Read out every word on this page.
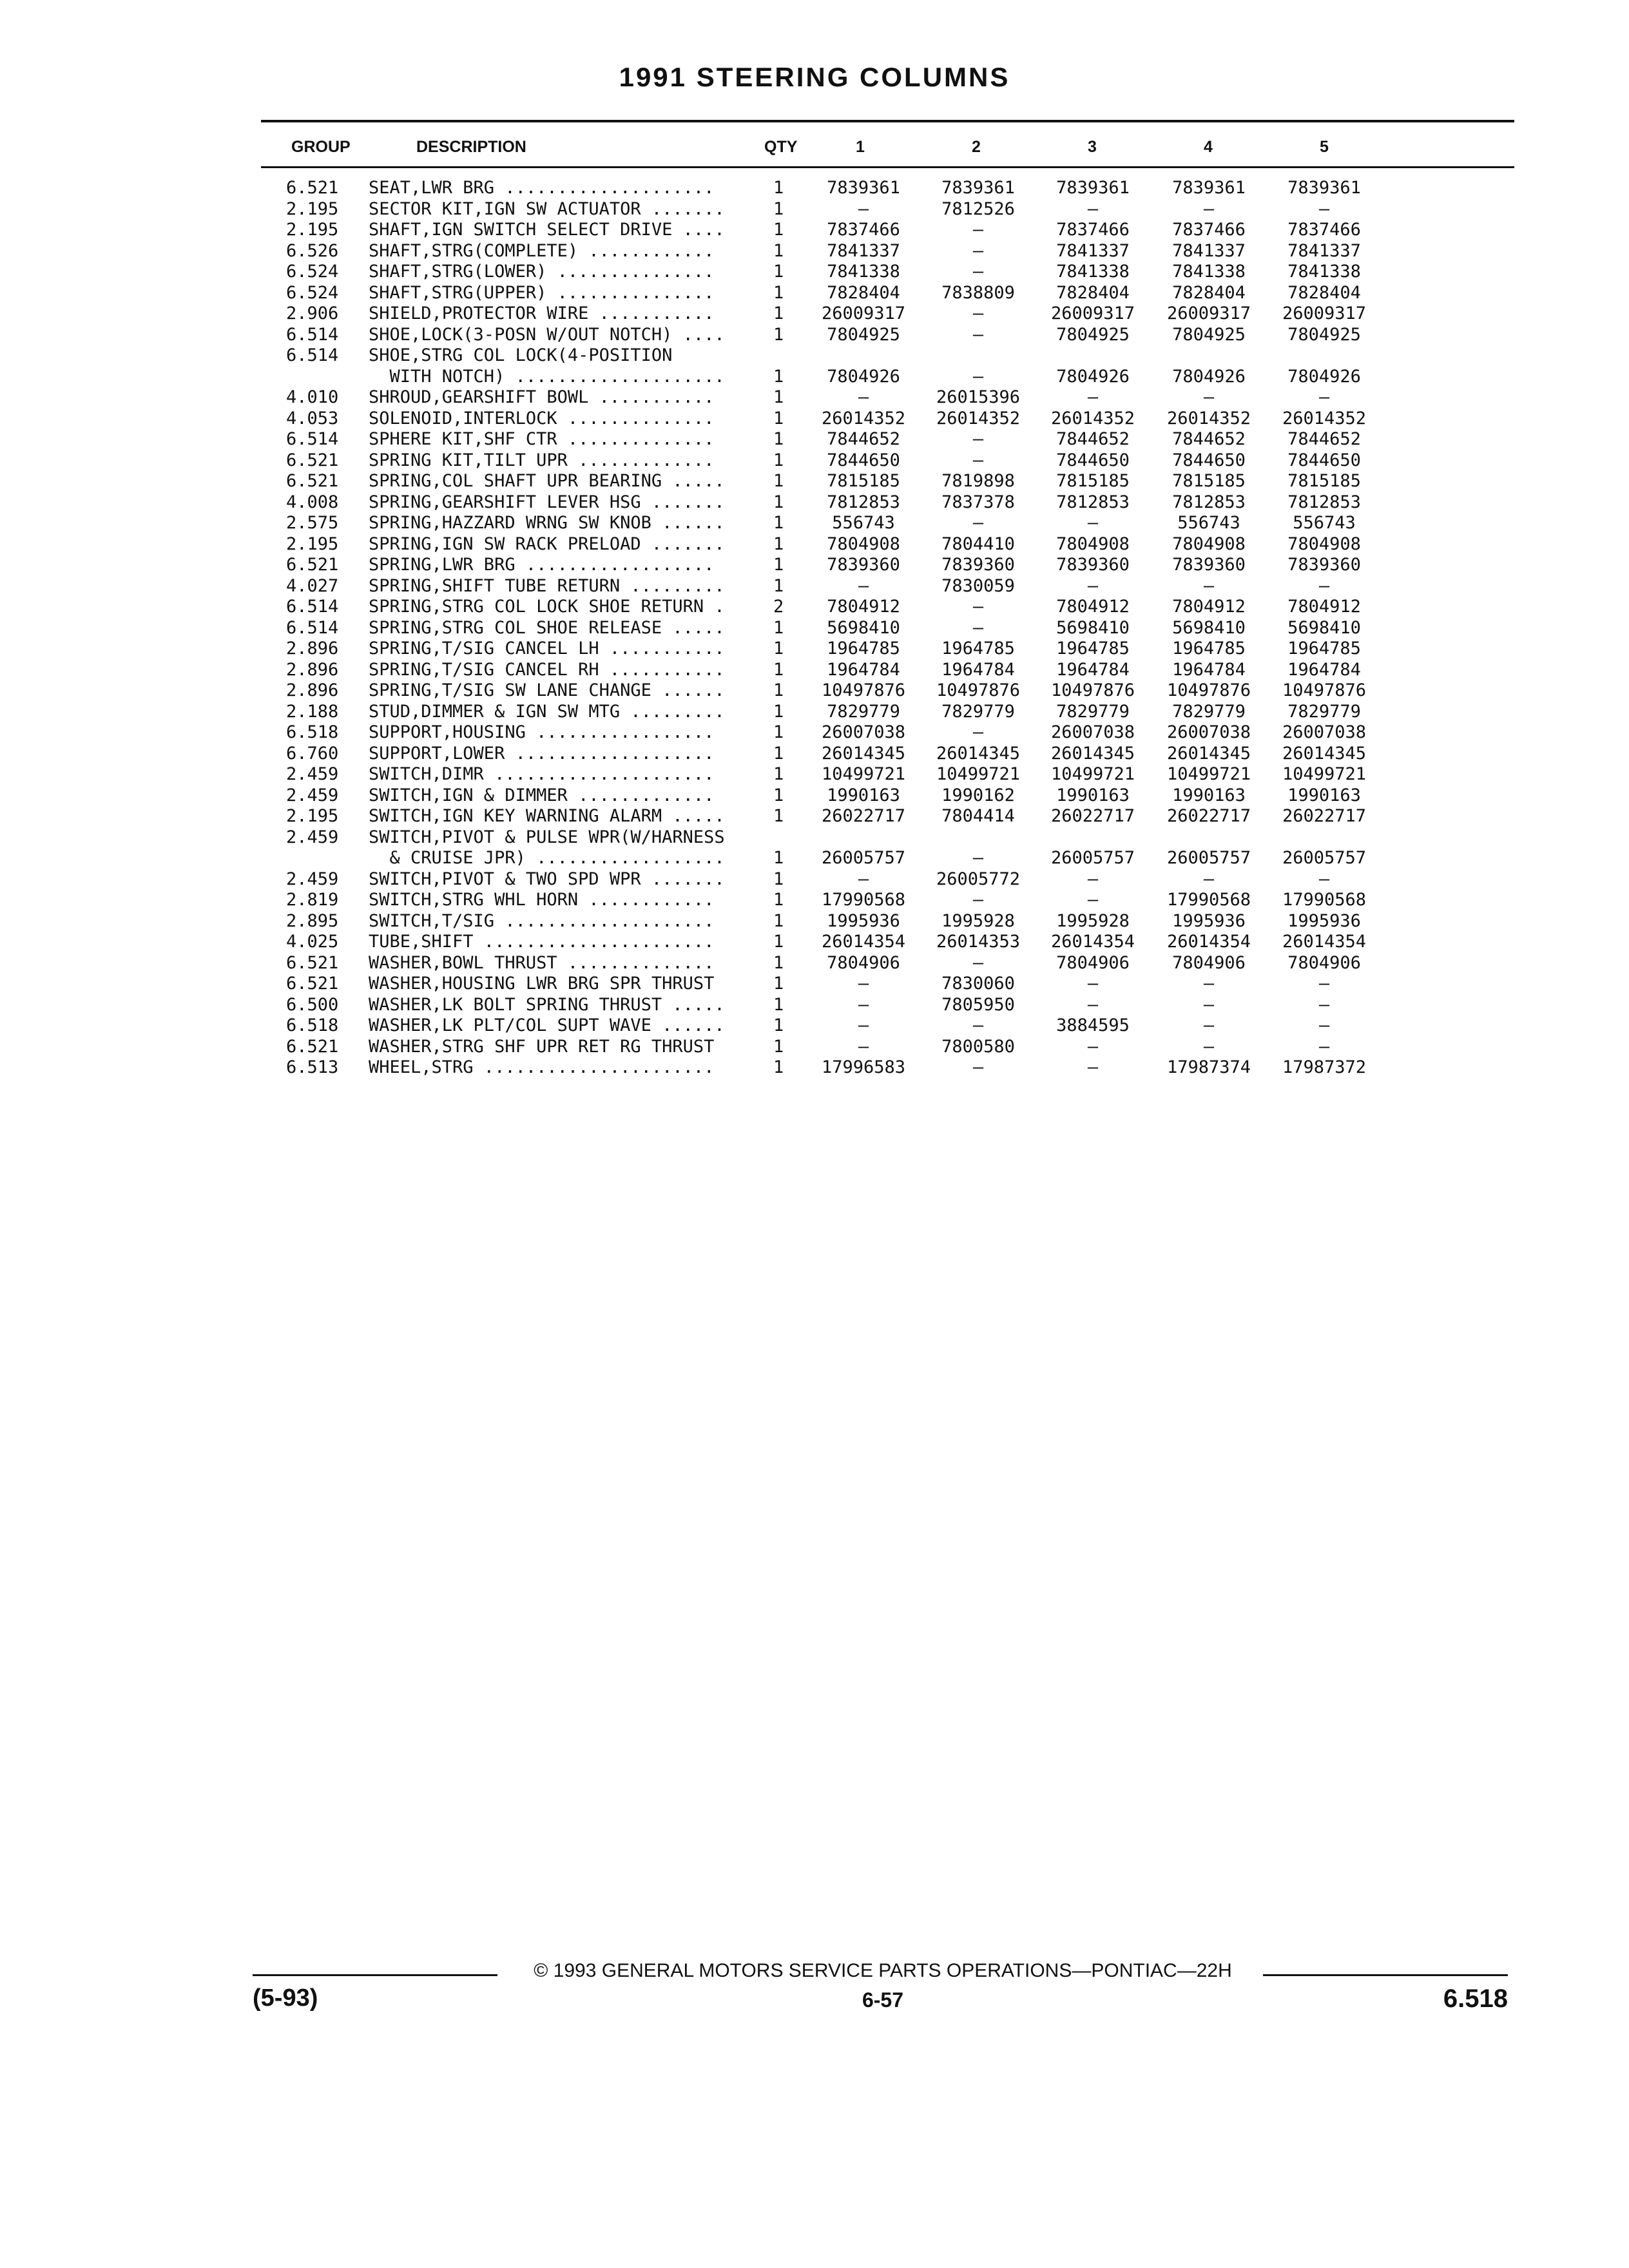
1991 STEERING COLUMNS
GROUP	DESCRIPTION	QTY	1	2	3	4	5
6.521 SEAT,LWR BRG ....................	1	7839361	7839361	7839361	7839361	7839361
2.195 SECTOR KIT,IGN SW ACTUATOR .......	1	—	7812526	—	—	—
2.195 SHAFT,IGN SWITCH SELECT DRIVE ....	1	7837466	—	7837466	7837466	7837466
6.526 SHAFT,STRG(COMPLETE) ............	1	7841337	—	7841337	7841337	7841337
6.524 SHAFT,STRG(LOWER) ...............	1	7841338	—	7841338	7841338	7841338
6.524 SHAFT,STRG(UPPER) ...............	1	7828404	7838809	7828404	7828404	7828404
2.906 SHIELD,PROTECTOR WIRE ...........	1	26009317	—	26009317	26009317	26009317
6.514 SHOE,LOCK(3-POSN W/OUT NOTCH) ....	1	7804925	—	7804925	7804925	7804925
6.514 SHOE,STRG COL LOCK(4-POSITION
WITH NOTCH) ....................	1	7804926	—	7804926	7804926	7804926
4.010 SHROUD,GEARSHIFT BOWL ...........	1	—	26015396	—	—	—
4.053 SOLENOID,INTERLOCK ..............	1	26014352	26014352	26014352	26014352	26014352
6.514 SPHERE KIT,SHF CTR ..............	1	7844652	—	7844652	7844652	7844652
6.521 SPRING KIT,TILT UPR .............	1	7844650	—	7844650	7844650	7844650
6.521 SPRING,COL SHAFT UPR BEARING .....	1	7815185	7819898	7815185	7815185	7815185
4.008 SPRING,GEARSHIFT LEVER HSG .......	1	7812853	7837378	7812853	7812853	7812853
2.575 SPRING,HAZZARD WRNG SW KNOB ......	1	556743	—	—	556743	556743
2.195 SPRING,IGN SW RACK PRELOAD .......	1	7804908	7804410	7804908	7804908	7804908
6.521 SPRING,LWR BRG ..................	1	7839360	7839360	7839360	7839360	7839360
4.027 SPRING,SHIFT TUBE RETURN .........	1	—	7830059	—	—	—
6.514 SPRING,STRG COL LOCK SHOE RETURN .	2	7804912	—	7804912	7804912	7804912
6.514 SPRING,STRG COL SHOE RELEASE .....	1	5698410	—	5698410	5698410	5698410
2.896 SPRING,T/SIG CANCEL LH ...........	1	1964785	1964785	1964785	1964785	1964785
2.896 SPRING,T/SIG CANCEL RH ...........	1	1964784	1964784	1964784	1964784	1964784
2.896 SPRING,T/SIG SW LANE CHANGE ......	1	10497876	10497876	10497876	10497876	10497876
2.188 STUD,DIMMER & IGN SW MTG .........	1	7829779	7829779	7829779	7829779	7829779
6.518 SUPPORT,HOUSING .................	1	26007038	—	26007038	26007038	26007038
6.760 SUPPORT,LOWER ...................	1	26014345	26014345	26014345	26014345	26014345
2.459 SWITCH,DIMR .....................	1	10499721	10499721	10499721	10499721	10499721
2.459 SWITCH,IGN & DIMMER .............	1	1990163	1990162	1990163	1990163	1990163
2.195 SWITCH,IGN KEY WARNING ALARM .....	1	26022717	7804414	26022717	26022717	26022717
2.459 SWITCH,PIVOT & PULSE WPR(W/HARNESS
& CRUISE JPR) ..................	1	26005757	—	26005757	26005757	26005757
2.459 SWITCH,PIVOT & TWO SPD WPR .......	1	—	26005772	—	—	—
2.819 SWITCH,STRG WHL HORN ............	1	17990568	—	—	17990568	17990568
2.895 SWITCH,T/SIG ....................	1	1995936	1995928	1995928	1995936	1995936
4.025 TUBE,SHIFT ......................	1	26014354	26014353	26014354	26014354	26014354
6.521 WASHER,BOWL THRUST ..............	1	7804906	—	7804906	7804906	7804906
6.521 WASHER,HOUSING LWR BRG SPR THRUST	1	—	7830060	—	—	—
6.500 WASHER,LK BOLT SPRING THRUST .....	1	—	7805950	—	—	—
6.518 WASHER,LK PLT/COL SUPT WAVE ......	1	—	—	3884595	—	—
6.521 WASHER,STRG SHF UPR RET RG THRUST	1	—	7800580	—	—	—
6.513 WHEEL,STRG ......................	1	17996583	—	—	17987374	17987372
© 1993 GENERAL MOTORS SERVICE PARTS OPERATIONS—PONTIAC—22H
(5-93)	6-57	6.518
